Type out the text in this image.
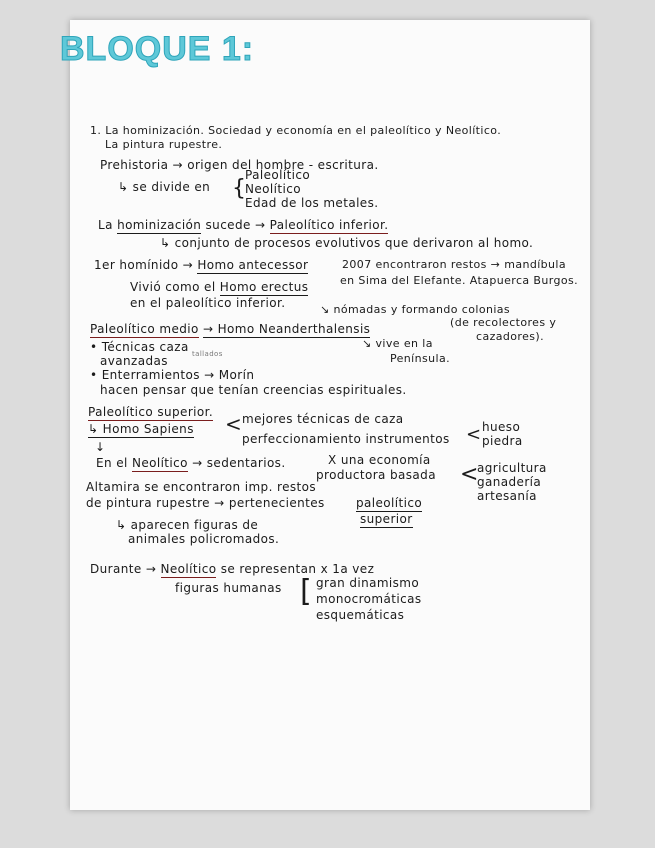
BLOQUE 1:
1. La hominización. Sociedad y economía en el paleolítico y Neolítico.
La pintura rupestre.
Prehistoria → origen del hombre - escritura.
↳ se divide en {
Paleolítico
Neolítico
Edad de los metales.
La hominización sucede → Paleolítico inferior.
↳ conjunto de procesos evolutivos que derivaron al homo.
1er homínido → Homo antecessor	2007 encontraron restos → mandíbula
en Sima del Elefante. Atapuerca Burgos.
Vivió como el Homo erectus
en el paleolítico inferior.	↘ nómadas y formando colonias
(de recolectores y
cazadores).
Paleolítico medio → Homo Neanderthalensis
↘ vive en la
Península.
• Técnicas caza
avanzadas	tallados
• Enterramientos → Morín
hacen pensar que tenían creencias espirituales.
Paleolítico superior.
↳ Homo Sapiens < mejores técnicas de caza
perfeccionamiento instrumentos < hueso
piedra
↓
En el Neolítico → sedentarios.	X una economía
productora basada <
agricultura
ganadería
artesanía
Altamira se encontraron imp. restos
de pintura rupestre → pertenecientes	paleolítico
superior
↳ aparecen figuras de
animales policromados.
Durante → Neolítico se representan x 1a vez
figuras humanas [ gran dinamismo
monocromáticas
esquemáticas
